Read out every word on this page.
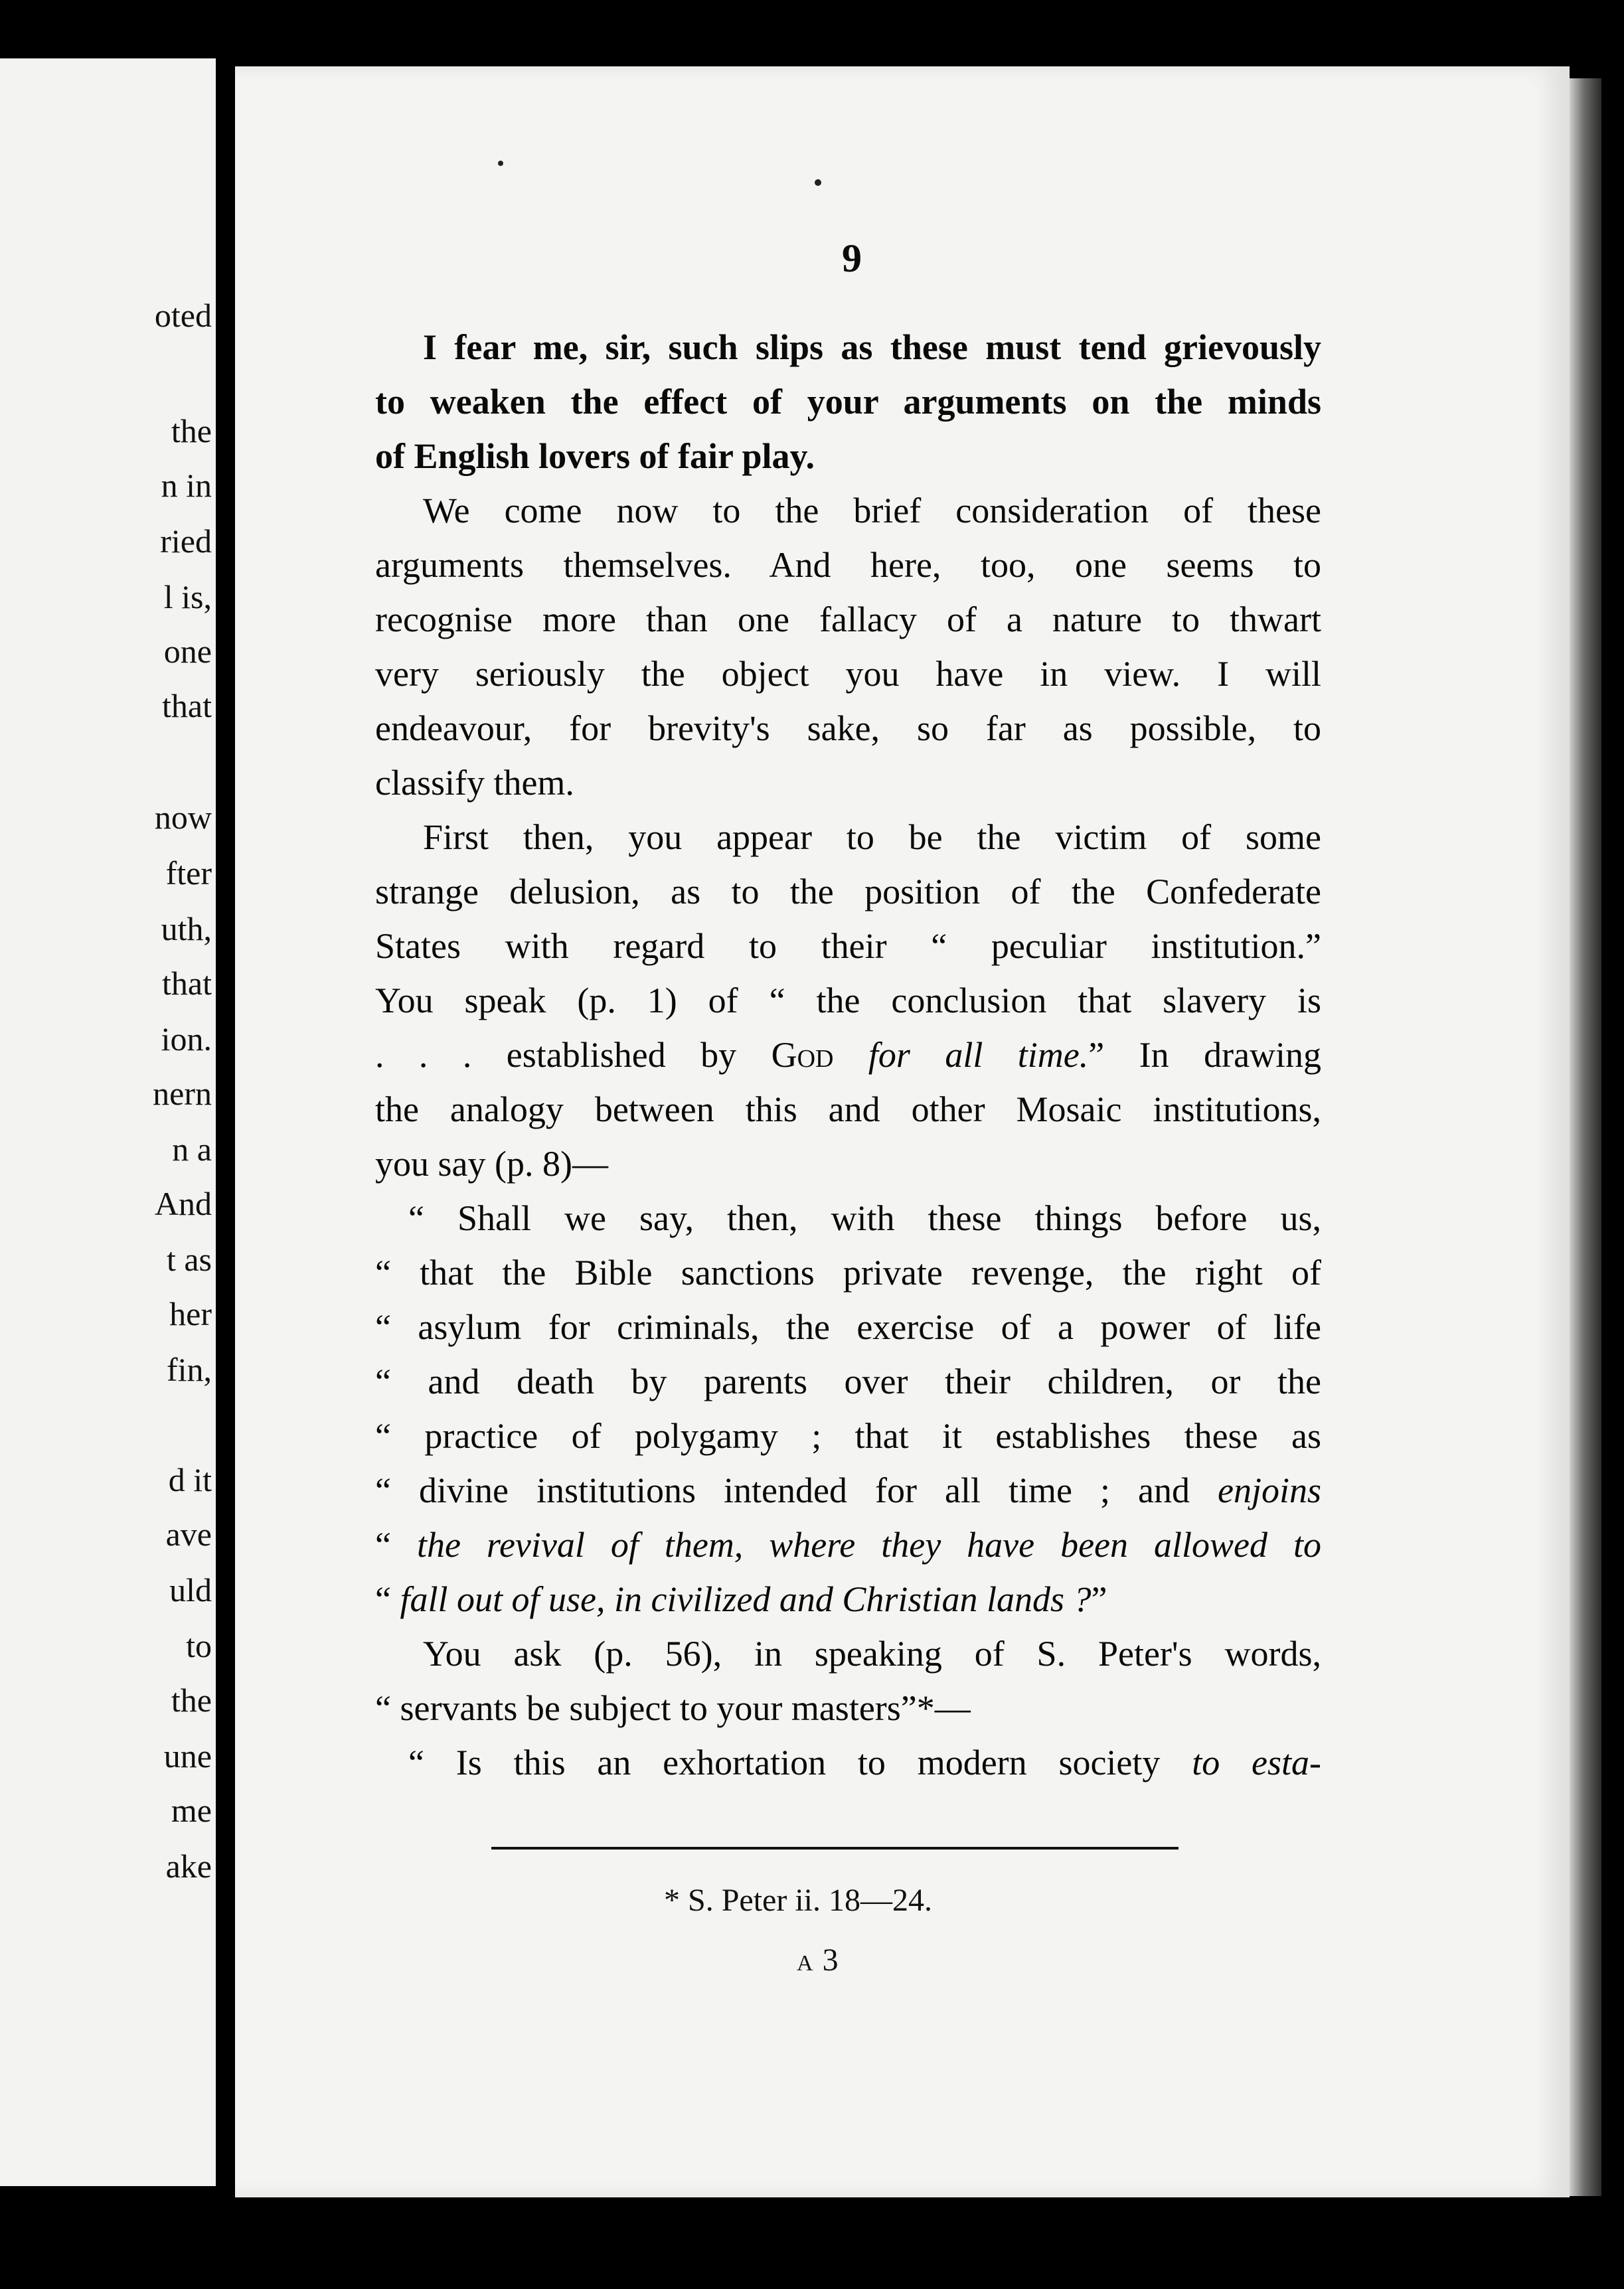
oted
the
n in
ried
l is,
one
that
now
fter
uth,
that
ion.
nern
n a
And
t as
her
fin,
d it
ave
uld
to
the
une
me
ake
9
I fear me, sir, such slips as these must tend grievously
to weaken the effect of your arguments on the minds
of English lovers of fair play.
We come now to the brief consideration of these
arguments themselves. And here, too, one seems to
recognise more than one fallacy of a nature to thwart
very seriously the object you have in view. I will
endeavour, for brevity's sake, so far as possible, to
classify them.
First then, you appear to be the victim of some
strange delusion, as to the position of the Confederate
States with regard to their “ peculiar institution.”
You speak (p. 1) of “ the conclusion that slavery is
. . . established by God for all time.” In drawing
the analogy between this and other Mosaic institutions,
you say (p. 8)—
“ Shall we say, then, with these things before us,
“ that the Bible sanctions private revenge, the right of
“ asylum for criminals, the exercise of a power of life
“ and death by parents over their children, or the
“ practice of polygamy ; that it establishes these as
“ divine institutions intended for all time ; and enjoins
“ the revival of them, where they have been allowed to
“ fall out of use, in civilized and Christian lands ?”
You ask (p. 56), in speaking of S. Peter's words,
“ servants be subject to your masters”*—
“ Is this an exhortation to modern society to esta-
* S. Peter ii. 18—24.
A 3
